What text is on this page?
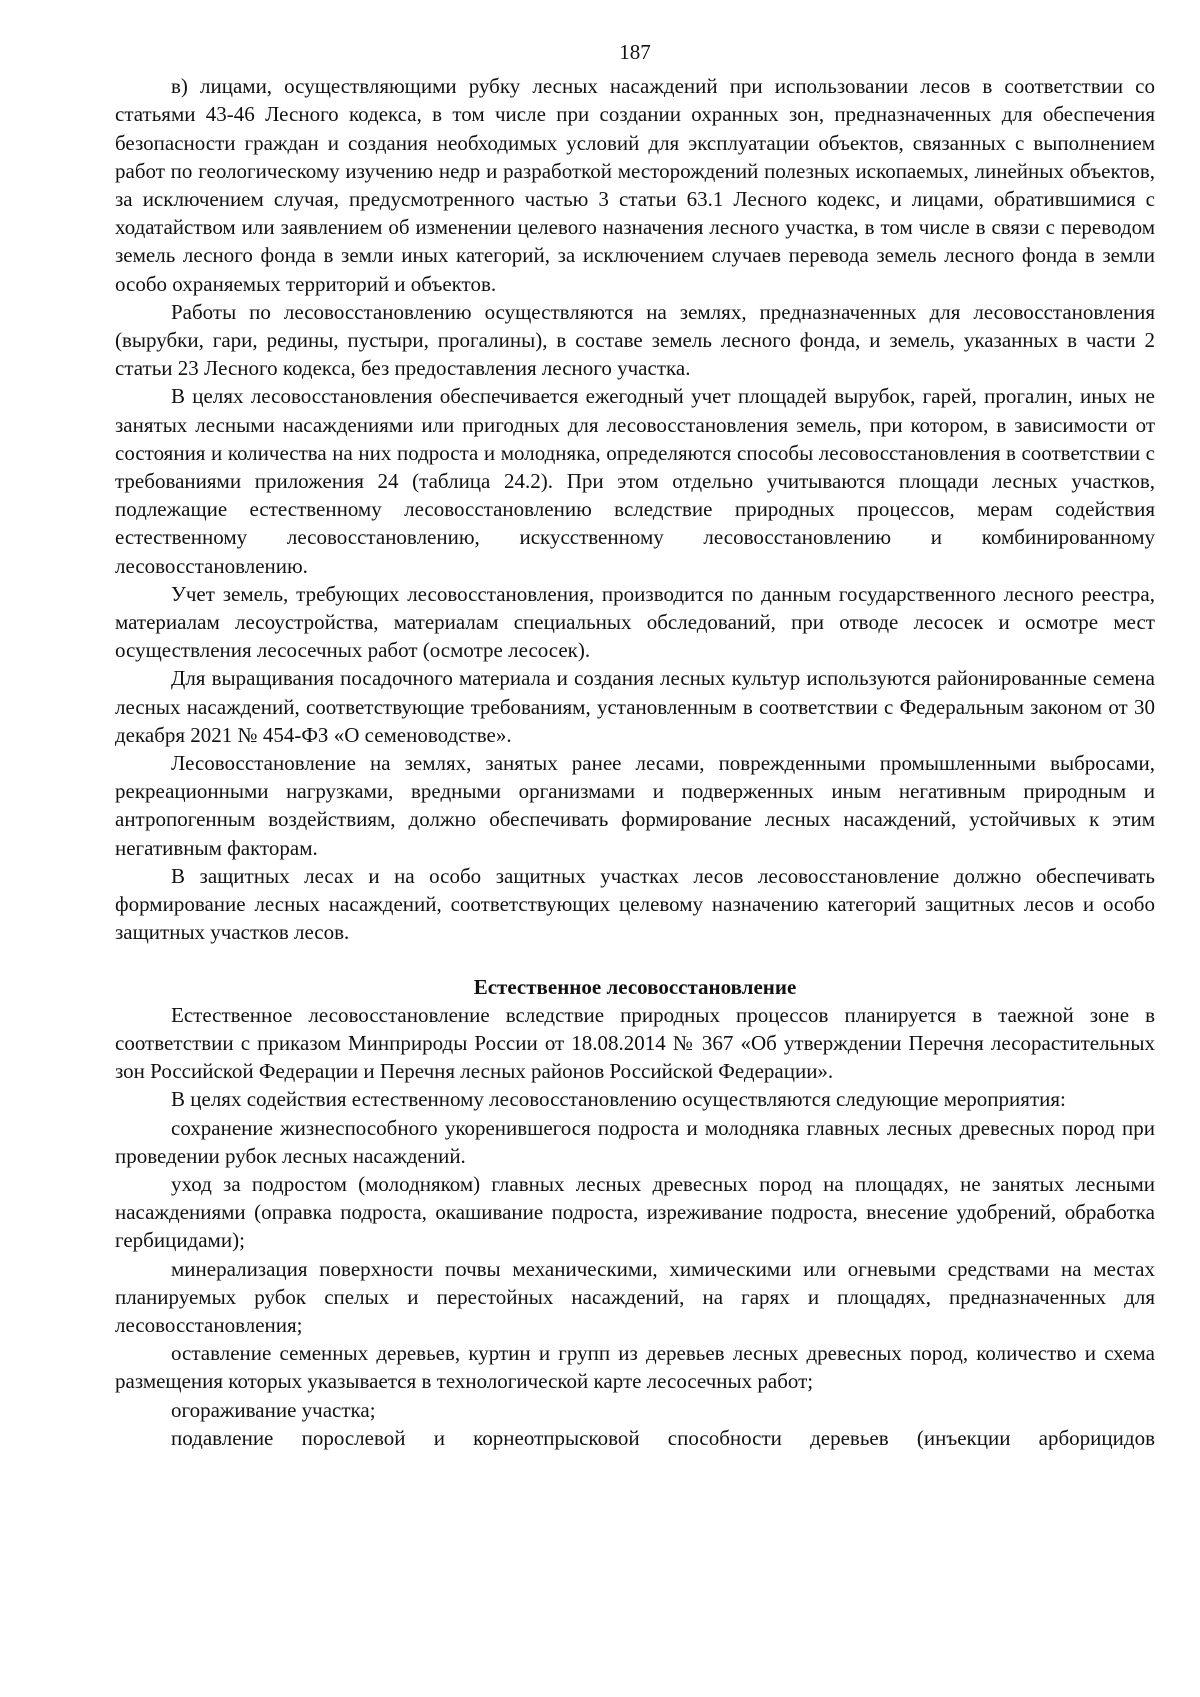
187

в) лицами, осуществляющими рубку лесных насаждений при использовании лесов в соответствии со статьями 43-46 Лесного кодекса, в том числе при создании охранных зон, предназначенных для обеспечения безопасности граждан и создания необходимых условий для эксплуатации объектов, связанных с выполнением работ по геологическому изучению недр и разработкой месторождений полезных ископаемых, линейных объектов, за исключением случая, предусмотренного частью 3 статьи 63.1 Лесного кодекс, и лицами, обратившимися с ходатайством или заявлением об изменении целевого назначения лесного участка, в том числе в связи с переводом земель лесного фонда в земли иных категорий, за исключением случаев перевода земель лесного фонда в земли особо охраняемых территорий и объектов.

Работы по лесовосстановлению осуществляются на землях, предназначенных для лесовосстановления (вырубки, гари, редины, пустыри, прогалины), в составе земель лесного фонда, и земель, указанных в части 2 статьи 23 Лесного кодекса, без предоставления лесного участка.

В целях лесовосстановления обеспечивается ежегодный учет площадей вырубок, гарей, прогалин, иных не занятых лесными насаждениями или пригодных для лесовосстановления земель, при котором, в зависимости от состояния и количества на них подроста и молодняка, определяются способы лесовосстановления в соответствии с требованиями приложения 24 (таблица 24.2). При этом отдельно учитываются площади лесных участков, подлежащие естественному лесовосстановлению вследствие природных процессов, мерам содействия естественному лесовосстановлению, искусственному лесовосстановлению и комбинированному лесовосстановлению.

Учет земель, требующих лесовосстановления, производится по данным государственного лесного реестра, материалам лесоустройства, материалам специальных обследований, при отводе лесосек и осмотре мест осуществления лесосечных работ (осмотре лесосек).

Для выращивания посадочного материала и создания лесных культур используются районированные семена лесных насаждений, соответствующие требованиям, установленным в соответствии с Федеральным законом от 30 декабря 2021 № 454-ФЗ «О семеноводстве».

Лесовосстановление на землях, занятых ранее лесами, поврежденными промышленными выбросами, рекреационными нагрузками, вредными организмами и подверженных иным негативным природным и антропогенным воздействиям, должно обеспечивать формирование лесных насаждений, устойчивых к этим негативным факторам.

В защитных лесах и на особо защитных участках лесов лесовосстановление должно обеспечивать формирование лесных насаждений, соответствующих целевому назначению категорий защитных лесов и особо защитных участков лесов.

Естественное лесовосстановление

Естественное лесовосстановление вследствие природных процессов планируется в таежной зоне в соответствии с приказом Минприроды России от 18.08.2014 № 367 «Об утверждении Перечня лесорастительных зон Российской Федерации и Перечня лесных районов Российской Федерации».

В целях содействия естественному лесовосстановлению осуществляются следующие мероприятия:

сохранение жизнеспособного укоренившегося подроста и молодняка главных лесных древесных пород при проведении рубок лесных насаждений.

уход за подростом (молодняком) главных лесных древесных пород на площадях, не занятых лесными насаждениями (оправка подроста, окашивание подроста, изреживание подроста, внесение удобрений, обработка гербицидами);

минерализация поверхности почвы механическими, химическими или огневыми средствами на местах планируемых рубок спелых и перестойных насаждений, на гарях и площадях, предназначенных для лесовосстановления;

оставление семенных деревьев, куртин и групп из деревьев лесных древесных пород, количество и схема размещения которых указывается в технологической карте лесосечных работ;

огораживание участка;

подавление порослевой и корнеотпрысковой способности деревьев (инъекции арборицидов
